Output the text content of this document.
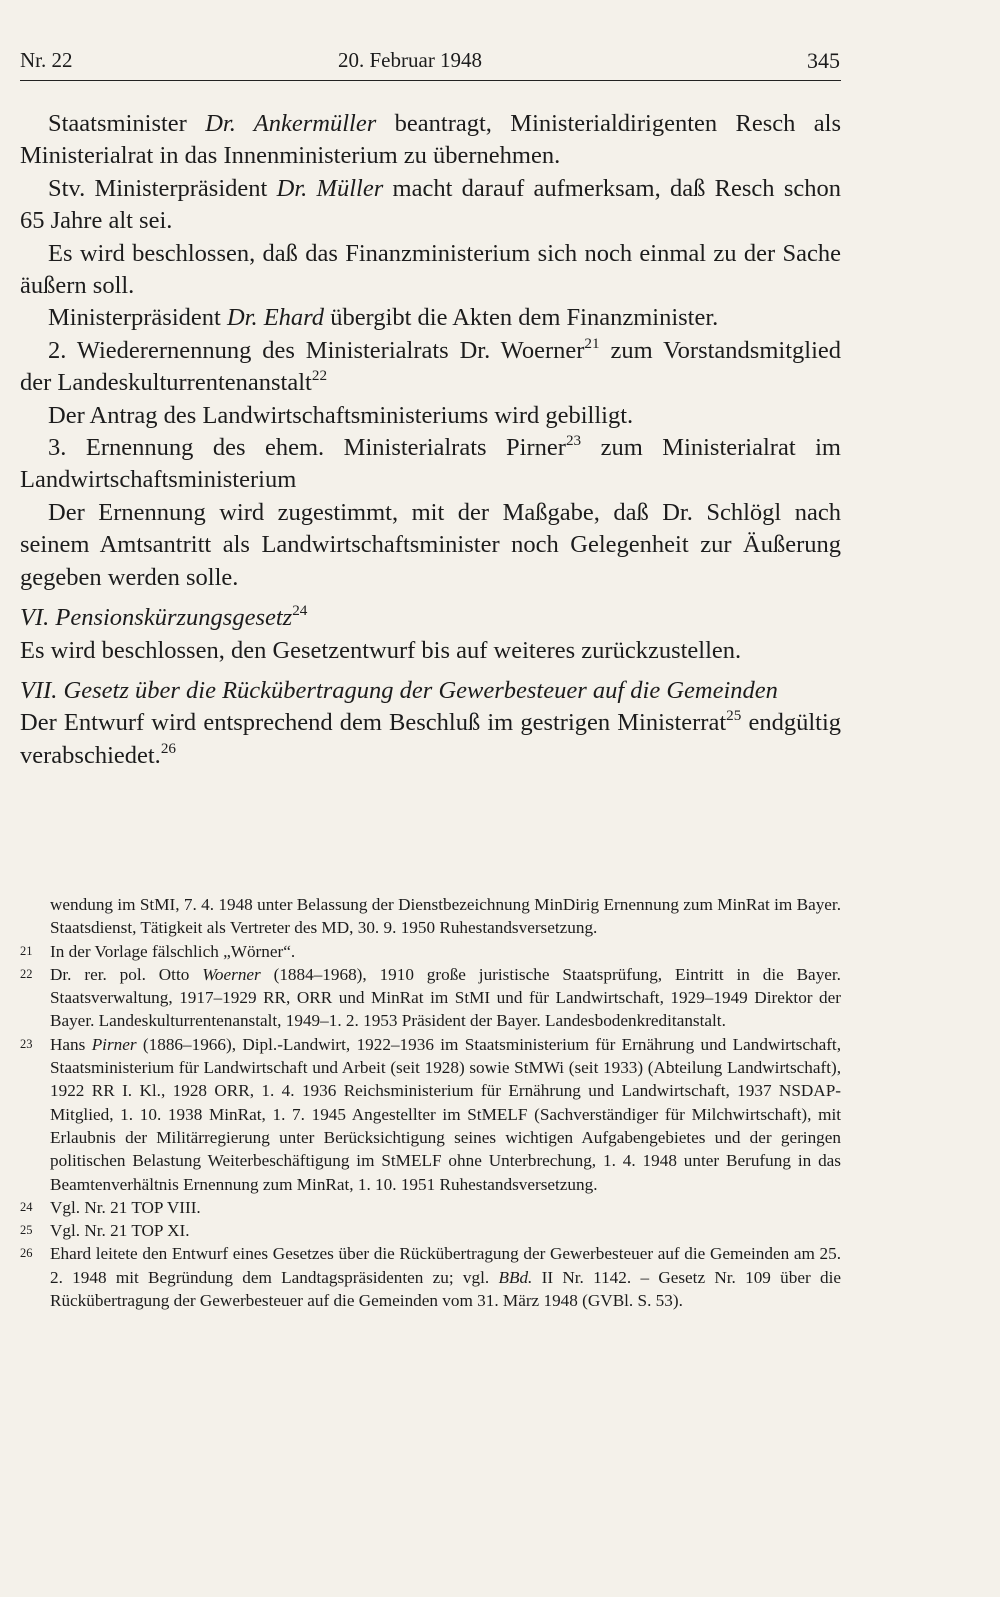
Nr. 22	20. Februar 1948	345

Staatsminister Dr. Ankermüller beantragt, Ministerialdirigenten Resch als Ministerialrat in das Innenministerium zu übernehmen.

Stv. Ministerpräsident Dr. Müller macht darauf aufmerksam, daß Resch schon 65 Jahre alt sei.

Es wird beschlossen, daß das Finanzministerium sich noch einmal zu der Sache äußern soll.

Ministerpräsident Dr. Ehard übergibt die Akten dem Finanzminister.

2. Wiederernennung des Ministerialrats Dr. Woerner$^{21}$ zum Vorstandsmitglied der Landeskulturrentenanstalt$^{22}$

Der Antrag des Landwirtschaftsministeriums wird gebilligt.

3. Ernennung des ehem. Ministerialrats Pirner$^{23}$ zum Ministerialrat im Landwirtschaftsministerium

Der Ernennung wird zugestimmt, mit der Maßgabe, daß Dr. Schlögl nach seinem Amtsantritt als Landwirtschaftsminister noch Gelegenheit zur Äußerung gegeben werden solle.

VI. Pensionskürzungsgesetz$^{24}$

Es wird beschlossen, den Gesetzentwurf bis auf weiteres zurückzustellen.

VII. Gesetz über die Rückübertragung der Gewerbesteuer auf die Gemeinden

Der Entwurf wird entsprechend dem Beschluß im gestrigen Ministerrat$^{25}$ endgültig verabschiedet.$^{26}$

wendung im StMI, 7. 4. 1948 unter Belassung der Dienstbezeichnung MinDirig Ernennung zum MinRat im Bayer. Staatsdienst, Tätigkeit als Vertreter des MD, 30. 9. 1950 Ruhestandsversetzung.

21 In der Vorlage fälschlich „Wörner“.

22 Dr. rer. pol. Otto Woerner (1884–1968), 1910 große juristische Staatsprüfung, Eintritt in die Bayer. Staatsverwaltung, 1917–1929 RR, ORR und MinRat im StMI und für Landwirtschaft, 1929–1949 Direktor der Bayer. Landeskulturrentenanstalt, 1949–1. 2. 1953 Präsident der Bayer. Landesbodenkreditanstalt.

23 Hans Pirner (1886–1966), Dipl.-Landwirt, 1922–1936 im Staatsministerium für Ernährung und Landwirtschaft, Staatsministerium für Landwirtschaft und Arbeit (seit 1928) sowie StMWi (seit 1933) (Abteilung Landwirtschaft), 1922 RR I. Kl., 1928 ORR, 1. 4. 1936 Reichsministerium für Ernährung und Landwirtschaft, 1937 NSDAP-Mitglied, 1. 10. 1938 MinRat, 1. 7. 1945 Angestellter im StMELF (Sachverständiger für Milchwirtschaft), mit Erlaubnis der Militärregierung unter Berücksichtigung seines wichtigen Aufgabengebietes und der geringen politischen Belastung Weiterbeschäftigung im StMELF ohne Unterbrechung, 1. 4. 1948 unter Berufung in das Beamtenverhältnis Ernennung zum MinRat, 1. 10. 1951 Ruhestandsversetzung.

24 Vgl. Nr. 21 TOP VIII.

25 Vgl. Nr. 21 TOP XI.

26 Ehard leitete den Entwurf eines Gesetzes über die Rückübertragung der Gewerbesteuer auf die Gemeinden am 25. 2. 1948 mit Begründung dem Landtagspräsidenten zu; vgl. BBd. II Nr. 1142. – Gesetz Nr. 109 über die Rückübertragung der Gewerbesteuer auf die Gemeinden vom 31. März 1948 (GVBl. S. 53).
